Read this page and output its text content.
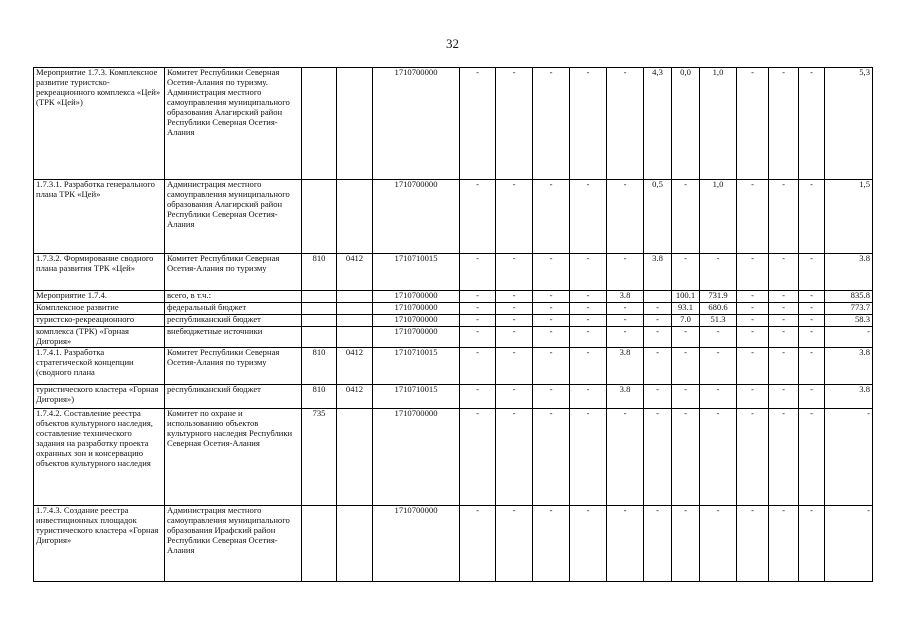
32
Мероприятие 1.7.3. Комплексное развитие туристско-рекреационного комплекса «Цей» (ТРК «Цей»)	Комитет Республики Северная Осетия-Алания по туризму. Администрация местного самоуправления муниципального образования Алагирский район Республики Северная Осетия-Алания			1710700000	-	-	-	-	-	4,3	0,0	1,0	-	-	-	5,3
1.7.3.1. Разработка генерального плана ТРК «Цей»	Администрация местного самоуправления муниципального образования Алагирский район Республики Северная Осетия-Алания			1710700000	-	-	-	-	-	0,5	-	1,0	-	-	-	1,5
1.7.3.2. Формирование сводного плана развития ТРК «Цей»	Комитет Республики Северная Осетия-Алания по туризму	810	0412	1710710015	-	-	-	-	-	3.8	-	-	-	-	-	3.8
Мероприятие 1.7.4.	всего, в т.ч.:			1710700000	-	-	-	-	3.8		100.1	731.9	-	-	-	835.8
Комплексное развитие	федеральный бюджет			1710700000	-	-	-	-	-	-	93.1	680.6	-	-	-	773.7
туристско-рекреационного	республиканский бюджет			1710700000	-	-	-	-	-	-	7.0	51.3	-	-	-	58.3
комплекса (ТРК) «Горная Дигория»	внебюджетные источники			1710700000	-	-	-	-	-	-	-	-	-	-	-	-
1.7.4.1. Разработка стратегической концепции (сводного плана	Комитет Республики Северная Осетия-Алания по туризму	810	0412	1710710015	-	-	-	-	3.8	-	-	-	-	-	-	3.8
туристического кластера «Горная Дигория»)	республиканский бюджет	810	0412	1710710015	-	-	-	-	3.8	-	-	-	-	-	-	3.8
1.7.4.2. Составление реестра объектов культурного наследия, составление технического задания на разработку проекта охранных зон и консервацию объектов культурного наследия	Комитет по охране и использованию объектов культурного наследия Республики Северная Осетия-Алания	735		1710700000	-	-	-	-	-	-	-	-	-	-	-	-
1.7.4.3. Создание реестра инвестиционных площадок туристического кластера «Горная Дигория»	Администрация местного самоуправления муниципального образования Ирафский район Республики Северная Осетия-Алания			1710700000	-	-	-	-	-	-	-	-	-	-	-	-
